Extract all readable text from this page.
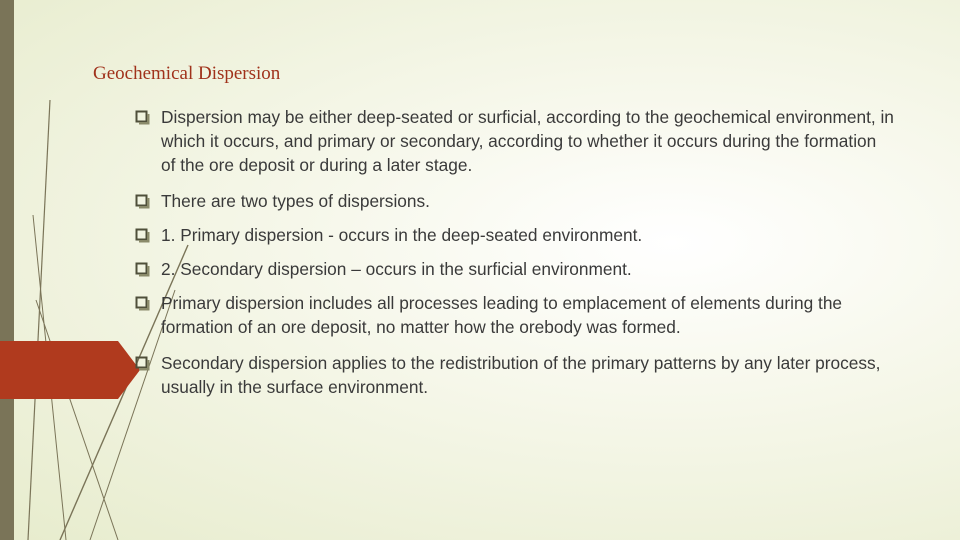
Geochemical Dispersion
Dispersion may be either deep-seated or surficial, according to the geochemical environment, in which it occurs, and primary or secondary, according to whether it occurs during the formation of the ore deposit or during a later stage.
There are two types of dispersions.
1. Primary dispersion - occurs in the deep-seated environment.
2. Secondary dispersion – occurs in the surficial environment.
Primary dispersion includes all processes leading to emplacement of elements during the formation of an ore deposit, no matter how the orebody was formed.
Secondary dispersion applies to the redistribution of the primary patterns by any later process, usually in the surface environment.
